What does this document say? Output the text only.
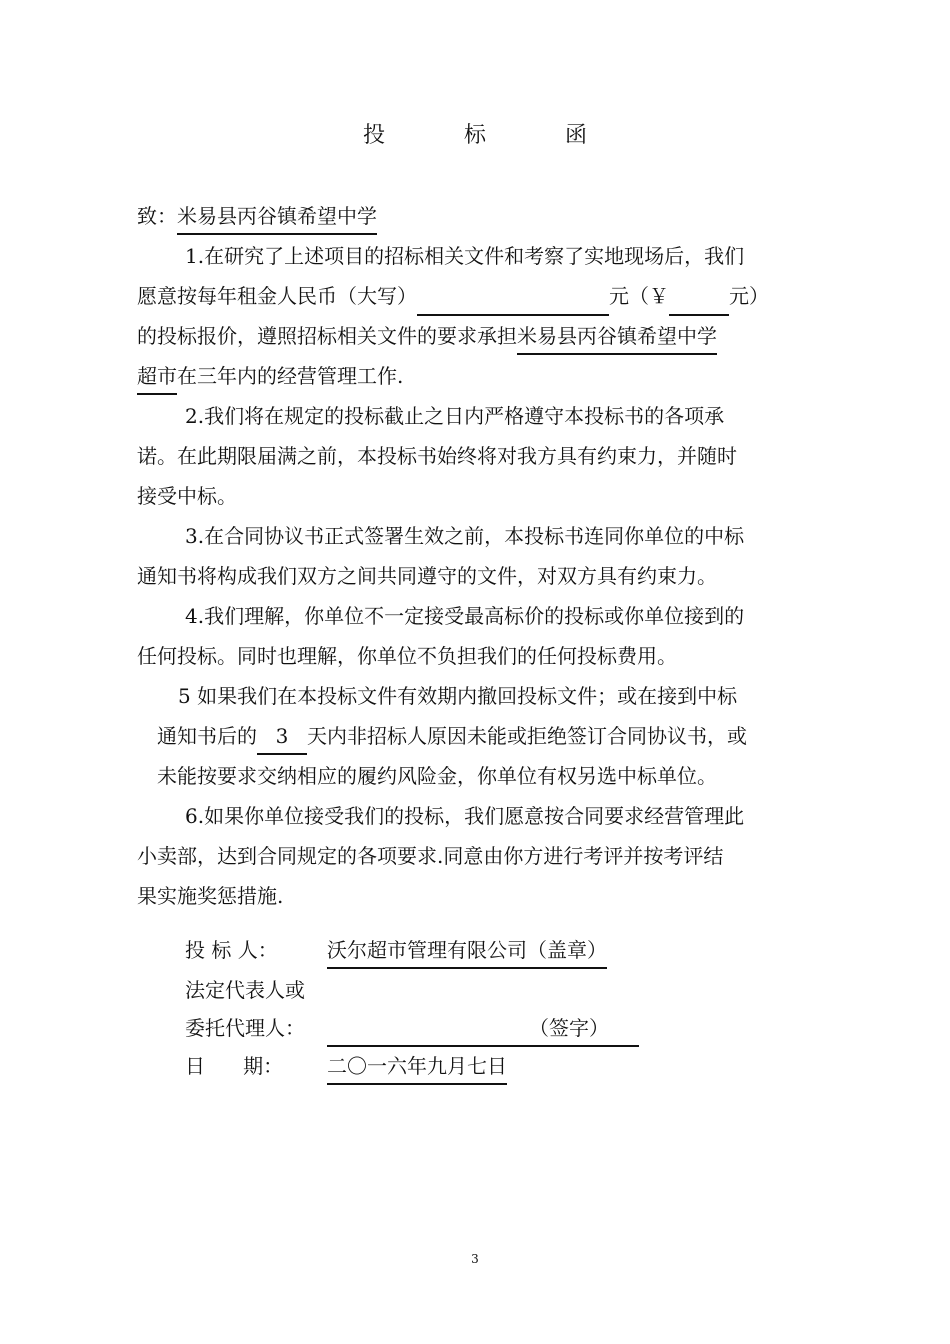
投 标 函
致：米易县丙谷镇希望中学
1.在研究了上述项目的招标相关文件和考察了实地现场后，我们
愿意按每年租金人民币（大写）	元（￥	元）
的投标报价，遵照招标相关文件的要求承担米易县丙谷镇希望中学
超市在三年内的经营管理工作.
2.我们将在规定的投标截止之日内严格遵守本投标书的各项承
诺。在此期限届满之前，本投标书始终将对我方具有约束力，并随时
接受中标。
3.在合同协议书正式签署生效之前，本投标书连同你单位的中标
通知书将构成我们双方之间共同遵守的文件，对双方具有约束力。
4.我们理解，你单位不一定接受最高标价的投标或你单位接到的
任何投标。同时也理解，你单位不负担我们的任何投标费用。
5 如果我们在本投标文件有效期内撤回投标文件；或在接到中标
通知书后的 3 天内非招标人原因未能或拒绝签订合同协议书，或
未能按要求交纳相应的履约风险金，你单位有权另选中标单位。
6.如果你单位接受我们的投标，我们愿意按合同要求经营管理此
小卖部，达到合同规定的各项要求.同意由你方进行考评并按考评结
果实施奖惩措施.
投 标 人： 沃尔超市管理有限公司（盖章）
法定代表人或
委托代理人：	（签字）
日      期： 二〇一六年九月七日
3
